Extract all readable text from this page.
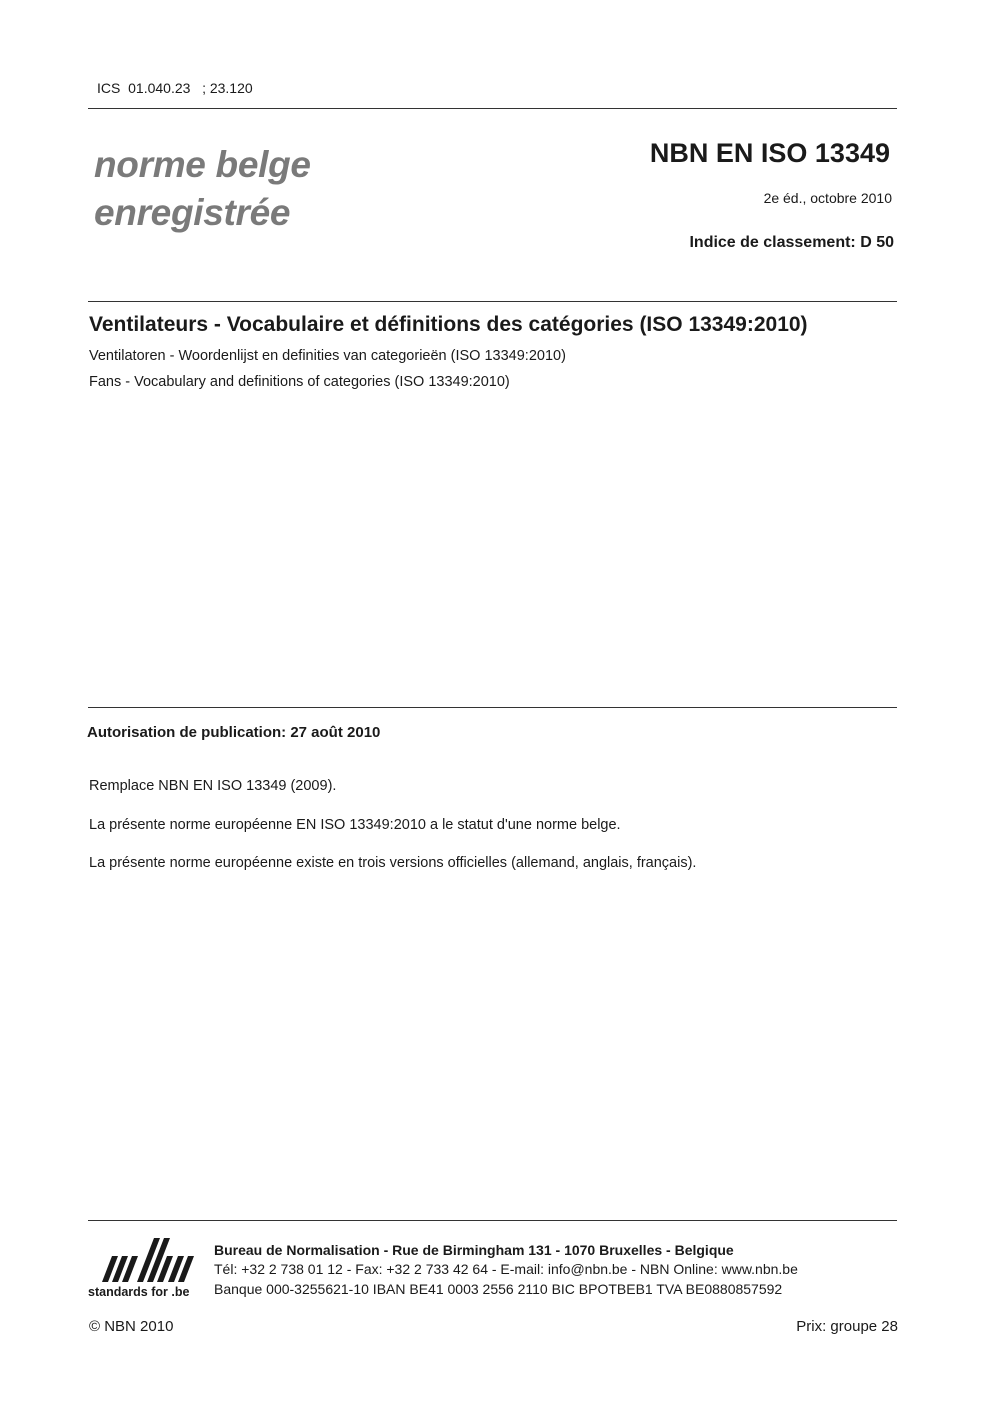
ICS  01.040.23   ; 23.120
norme belge
enregistrée
NBN EN ISO 13349
2e éd., octobre 2010
Indice de classement: D 50
Ventilateurs - Vocabulaire et définitions des catégories (ISO 13349:2010)
Ventilatoren - Woordenlijst en definities van categorieën (ISO 13349:2010)
Fans - Vocabulary and definitions of categories (ISO 13349:2010)
Autorisation de publication: 27 août 2010
Remplace NBN EN ISO 13349 (2009).
La présente norme européenne EN ISO 13349:2010 a le statut d'une norme belge.
La présente norme européenne existe en trois versions officielles (allemand, anglais, français).
standards for .be
Bureau de Normalisation - Rue de Birmingham 131 - 1070 Bruxelles - Belgique
Tél: +32 2 738 01 12 - Fax: +32 2 733 42 64 - E-mail: info@nbn.be - NBN Online: www.nbn.be
Banque 000-3255621-10 IBAN BE41 0003 2556 2110 BIC BPOTBEB1 TVA BE0880857592
© NBN 2010	Prix: groupe 28
